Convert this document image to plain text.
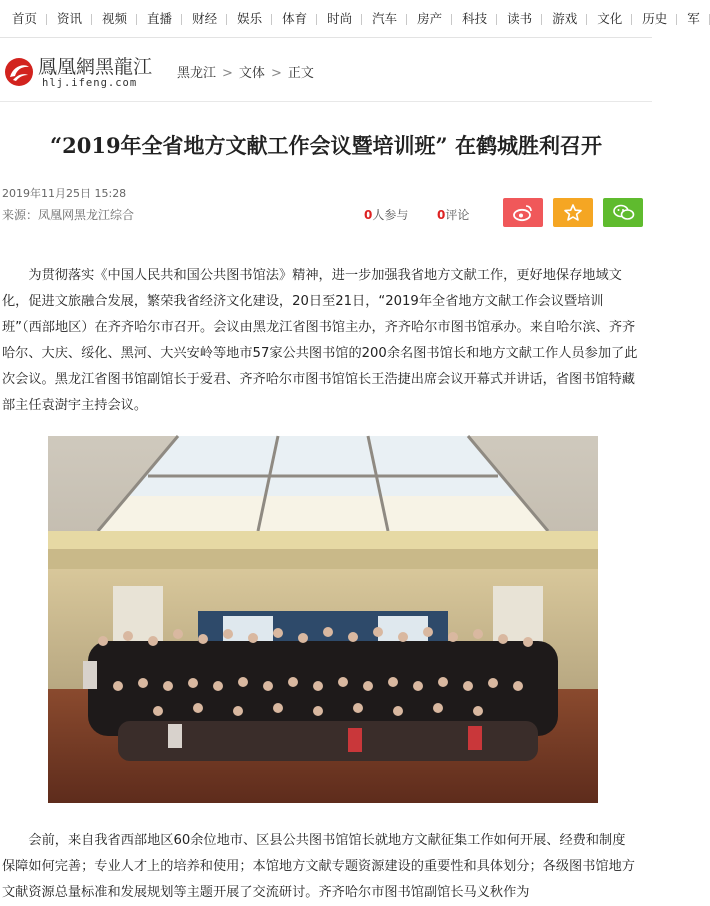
首页 资讯 视频 直播 财经 娱乐 体育 时尚 汽车 房产 科技 读书 游戏 文化 历史 军
鳳凰網黑龍江
hlj.ifeng.com
黑龙江 > 文体 > 正文
“2019年全省地方文献工作会议暨培训班” 在鹤城胜利召开
2019年11月25日 15:28
来源：凤凰网黑龙江综合	0人参与 0评论

为贯彻落实《中国人民共和国公共图书馆法》精神，进一步加强我省地方文献工作，更好地保存地域文化，促进文旅融合发展，繁荣我省经济文化建设，20日至21日，“2019年全省地方文献工作会议暨培训班”（西部地区）在齐齐哈尔市召开。会议由黑龙江省图书馆主办，齐齐哈尔市图书馆承办。来自哈尔滨、齐齐哈尔、大庆、绥化、黑河、大兴安岭等地市57家公共图书馆的200余名图书馆长和地方文献工作人员参加了此次会议。黑龙江省图书馆副馆长于爱君、齐齐哈尔市图书馆馆长王浩捷出席会议开幕式并讲话，省图书馆特藏部主任袁澍宇主持会议。

会前，来自我省西部地区60余位地市、区县公共图书馆馆长就地方文献征集工作如何开展、经费和制度保障如何完善；专业人才上的培养和使用；本馆地方文献专题资源建设的重要性和具体划分；各级图书馆地方文献资源总量标准和发展规划等主题开展了交流研讨。齐齐哈尔市图书馆副馆长马义秋作为
